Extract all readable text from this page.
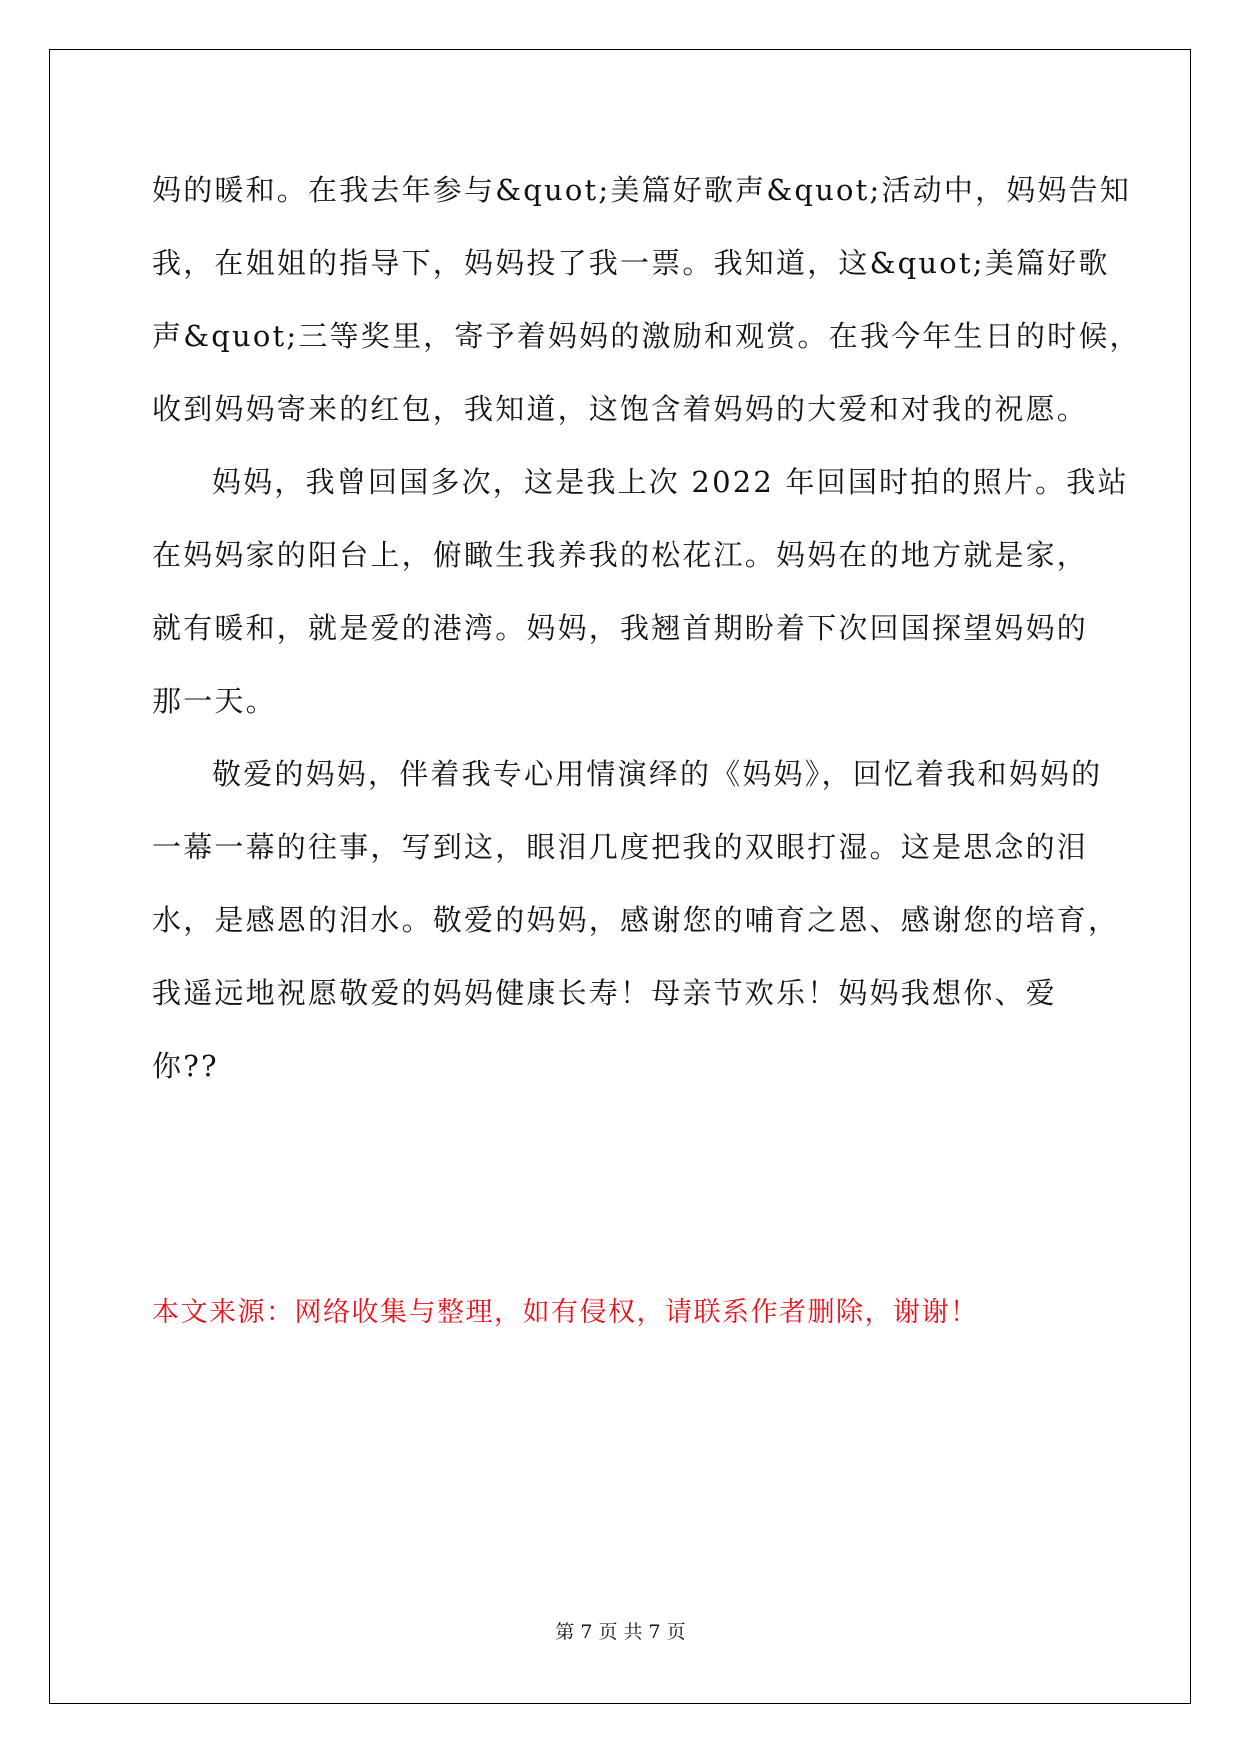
妈的暖和。在我去年参与&quot;美篇好歌声&quot;活动中，妈妈告知
我，在姐姐的指导下，妈妈投了我一票。我知道，这&quot;美篇好歌
声&quot;三等奖里，寄予着妈妈的激励和观赏。在我今年生日的时候，
收到妈妈寄来的红包，我知道，这饱含着妈妈的大爱和对我的祝愿。
妈妈，我曾回国多次，这是我上次 2022 年回国时拍的照片。我站
在妈妈家的阳台上，俯瞰生我养我的松花江。妈妈在的地方就是家，
就有暖和，就是爱的港湾。妈妈，我翘首期盼着下次回国探望妈妈的
那一天。
敬爱的妈妈，伴着我专心用情演绎的《妈妈》，回忆着我和妈妈的
一幕一幕的往事，写到这，眼泪几度把我的双眼打湿。这是思念的泪
水，是感恩的泪水。敬爱的妈妈，感谢您的哺育之恩、感谢您的培育，
我遥远地祝愿敬爱的妈妈健康长寿！母亲节欢乐！妈妈我想你、爱
你??
本文来源：网络收集与整理，如有侵权，请联系作者删除，谢谢！
第 7 页 共 7 页
